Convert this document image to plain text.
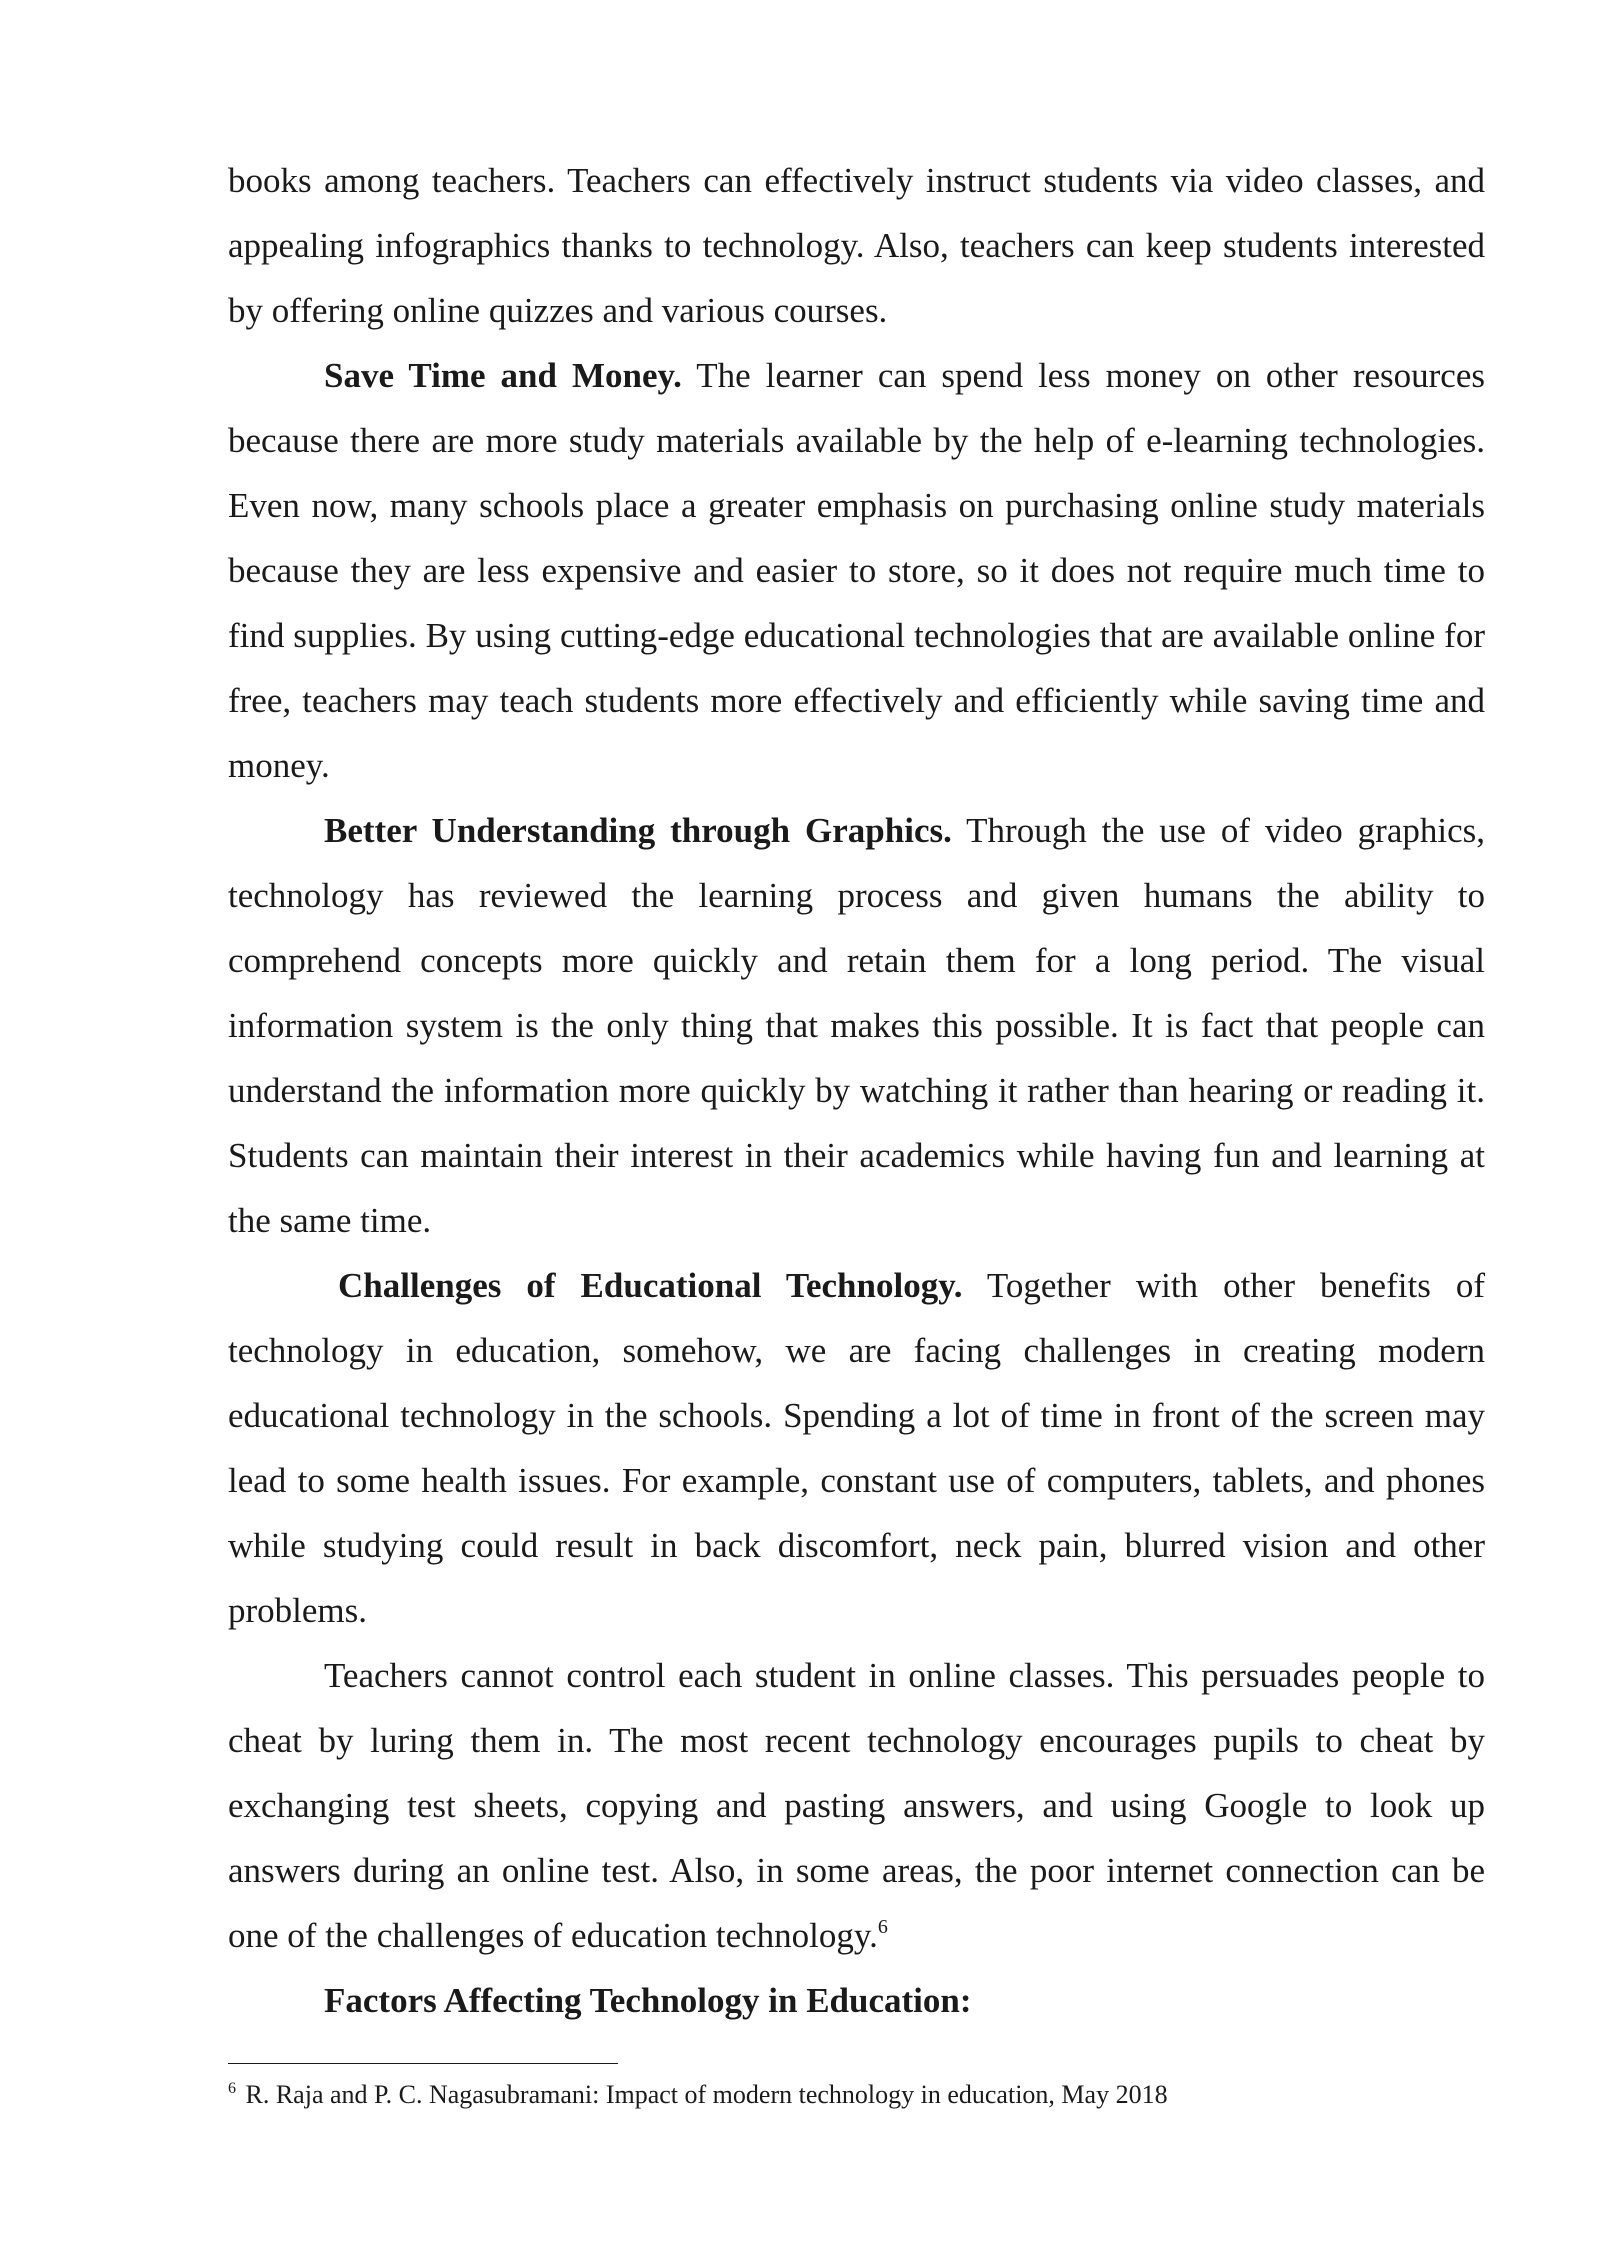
books among teachers. Teachers can effectively instruct students via video classes, and appealing infographics thanks to technology. Also, teachers can keep students interested by offering online quizzes and various courses.

Save Time and Money. The learner can spend less money on other resources because there are more study materials available by the help of e-learning technologies. Even now, many schools place a greater emphasis on purchasing online study materials because they are less expensive and easier to store, so it does not require much time to find supplies. By using cutting-edge educational technologies that are available online for free, teachers may teach students more effectively and efficiently while saving time and money.

Better Understanding through Graphics. Through the use of video graphics, technology has reviewed the learning process and given humans the ability to comprehend concepts more quickly and retain them for a long period. The visual information system is the only thing that makes this possible. It is fact that people can understand the information more quickly by watching it rather than hearing or reading it. Students can maintain their interest in their academics while having fun and learning at the same time.

Challenges of Educational Technology. Together with other benefits of technology in education, somehow, we are facing challenges in creating modern educational technology in the schools. Spending a lot of time in front of the screen may lead to some health issues. For example, constant use of computers, tablets, and phones while studying could result in back discomfort, neck pain, blurred vision and other problems.

Teachers cannot control each student in online classes. This persuades people to cheat by luring them in. The most recent technology encourages pupils to cheat by exchanging test sheets, copying and pasting answers, and using Google to look up answers during an online test. Also, in some areas, the poor internet connection can be one of the challenges of education technology.$^6$

Factors Affecting Technology in Education:

$^6$ R. Raja and P. C. Nagasubramani: Impact of modern technology in education, May 2018
